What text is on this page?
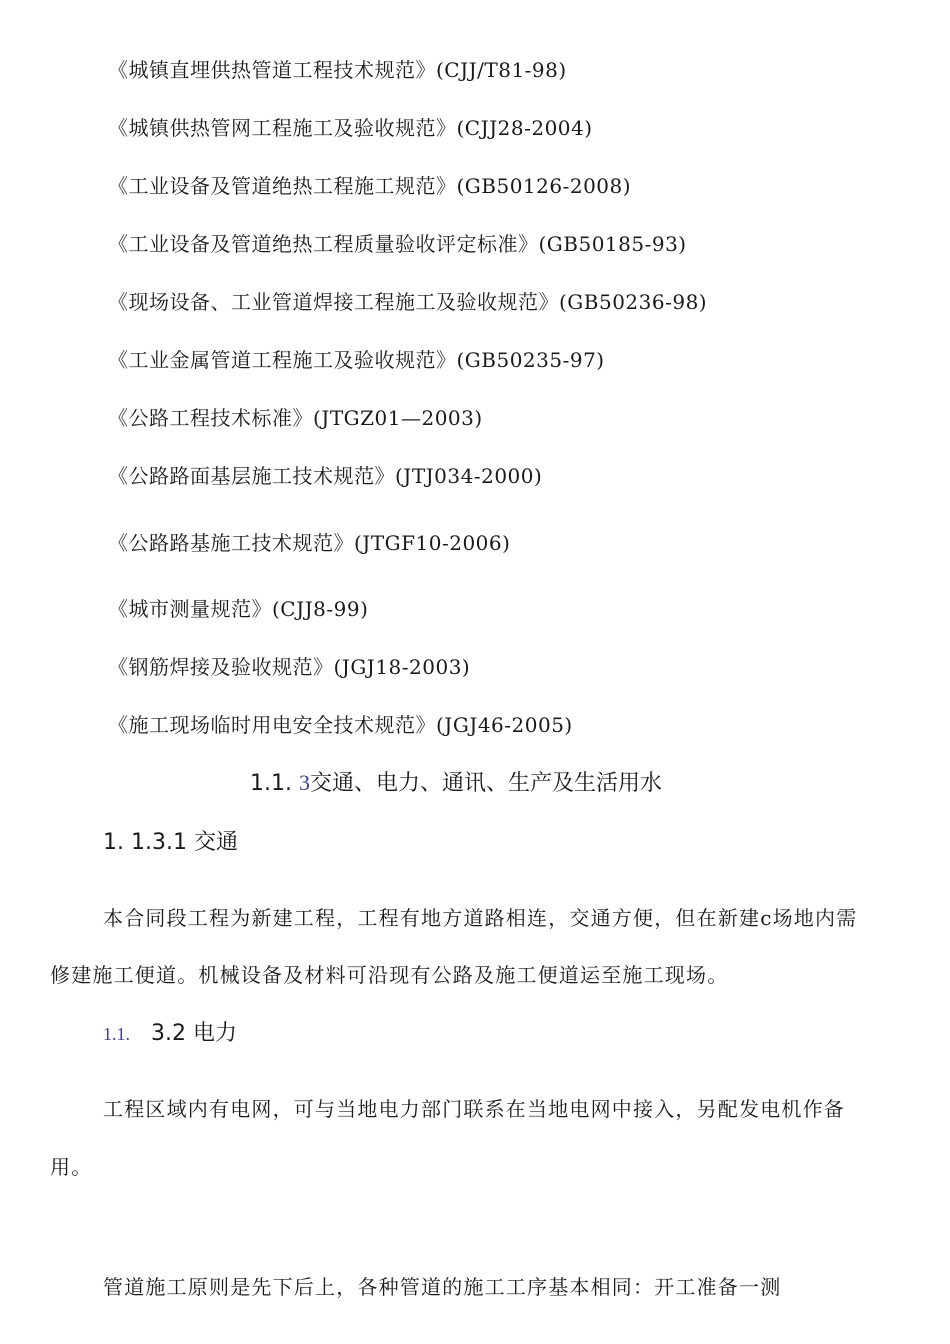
《城镇直埋供热管道工程技术规范》(CJJ/T81-98)
《城镇供热管网工程施工及验收规范》(CJJ28-2004)
《工业设备及管道绝热工程施工规范》(GB50126-2008)
《工业设备及管道绝热工程质量验收评定标准》(GB50185-93)
《现场设备、工业管道焊接工程施工及验收规范》(GB50236-98)
《工业金属管道工程施工及验收规范》(GB50235-97)
《公路工程技术标准》(JTGZ01—2003)
《公路路面基层施工技术规范》(JTJ034-2000)
《公路路基施工技术规范》(JTGF10-2006)
《城市测量规范》(CJJ8-99)
《钢筋焊接及验收规范》(JGJ18-2003)
《施工现场临时用电安全技术规范》(JGJ46-2005)
1.1. 3交通、电力、通讯、生产及生活用水
1. 1.3.1 交通
本合同段工程为新建工程，工程有地方道路相连，交通方便，但在新建c场地内需
修建施工便道。机械设备及材料可沿现有公路及施工便道运至施工现场。
1.1. 3.2 电力
工程区域内有电网，可与当地电力部门联系在当地电网中接入，另配发电机作备
用。
管道施工原则是先下后上，各种管道的施工工序基本相同：开工准备一测
